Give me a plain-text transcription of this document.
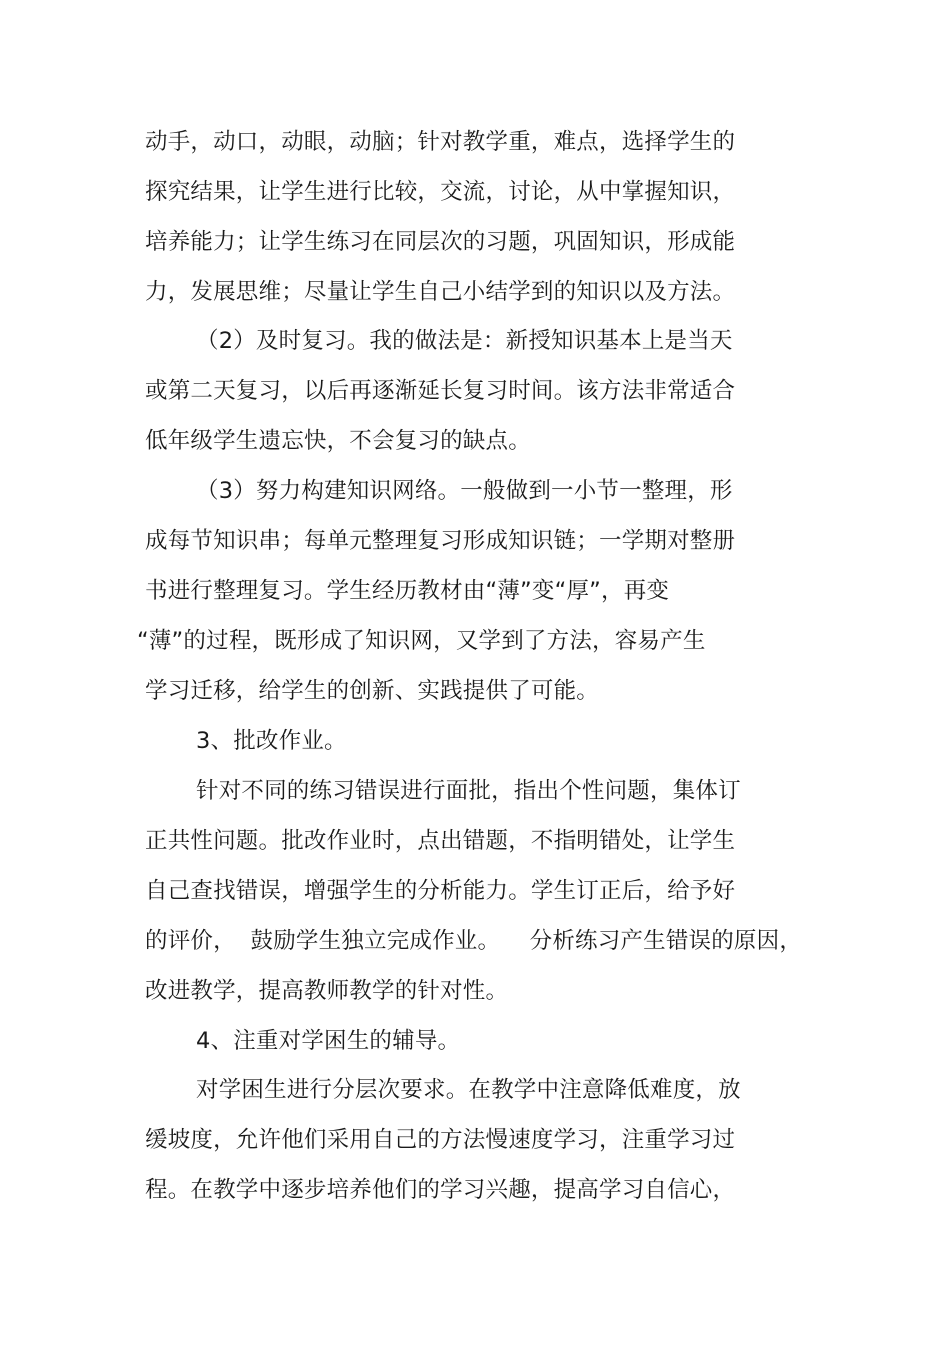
动手，动口，动眼，动脑；针对教学重，难点，选择学生的
探究结果，让学生进行比较，交流，讨论，从中掌握知识，
培养能力；让学生练习在同层次的习题，巩固知识，形成能
力，发展思维；尽量让学生自己小结学到的知识以及方法。
（2）及时复习。我的做法是：新授知识基本上是当天
或第二天复习，以后再逐渐延长复习时间。该方法非常适合
低年级学生遗忘快，不会复习的缺点。
（3）努力构建知识网络。一般做到一小节一整理，形
成每节知识串；每单元整理复习形成知识链；一学期对整册
书进行整理复习。学生经历教材由“薄”变“厚”，再变
“薄”的过程，既形成了知识网，又学到了方法，容易产生
学习迁移，给学生的创新、实践提供了可能。
3、批改作业。
针对不同的练习错误进行面批，指出个性问题，集体订
正共性问题。批改作业时，点出错题，不指明错处，让学生
自己查找错误，增强学生的分析能力。学生订正后，给予好
的评价，  鼓励学生独立完成作业。    分析练习产生错误的原因，
改进教学，提高教师教学的针对性。
4、注重对学困生的辅导。
对学困生进行分层次要求。在教学中注意降低难度，放
缓坡度，允许他们采用自己的方法慢速度学习，注重学习过
程。在教学中逐步培养他们的学习兴趣，提高学习自信心，
